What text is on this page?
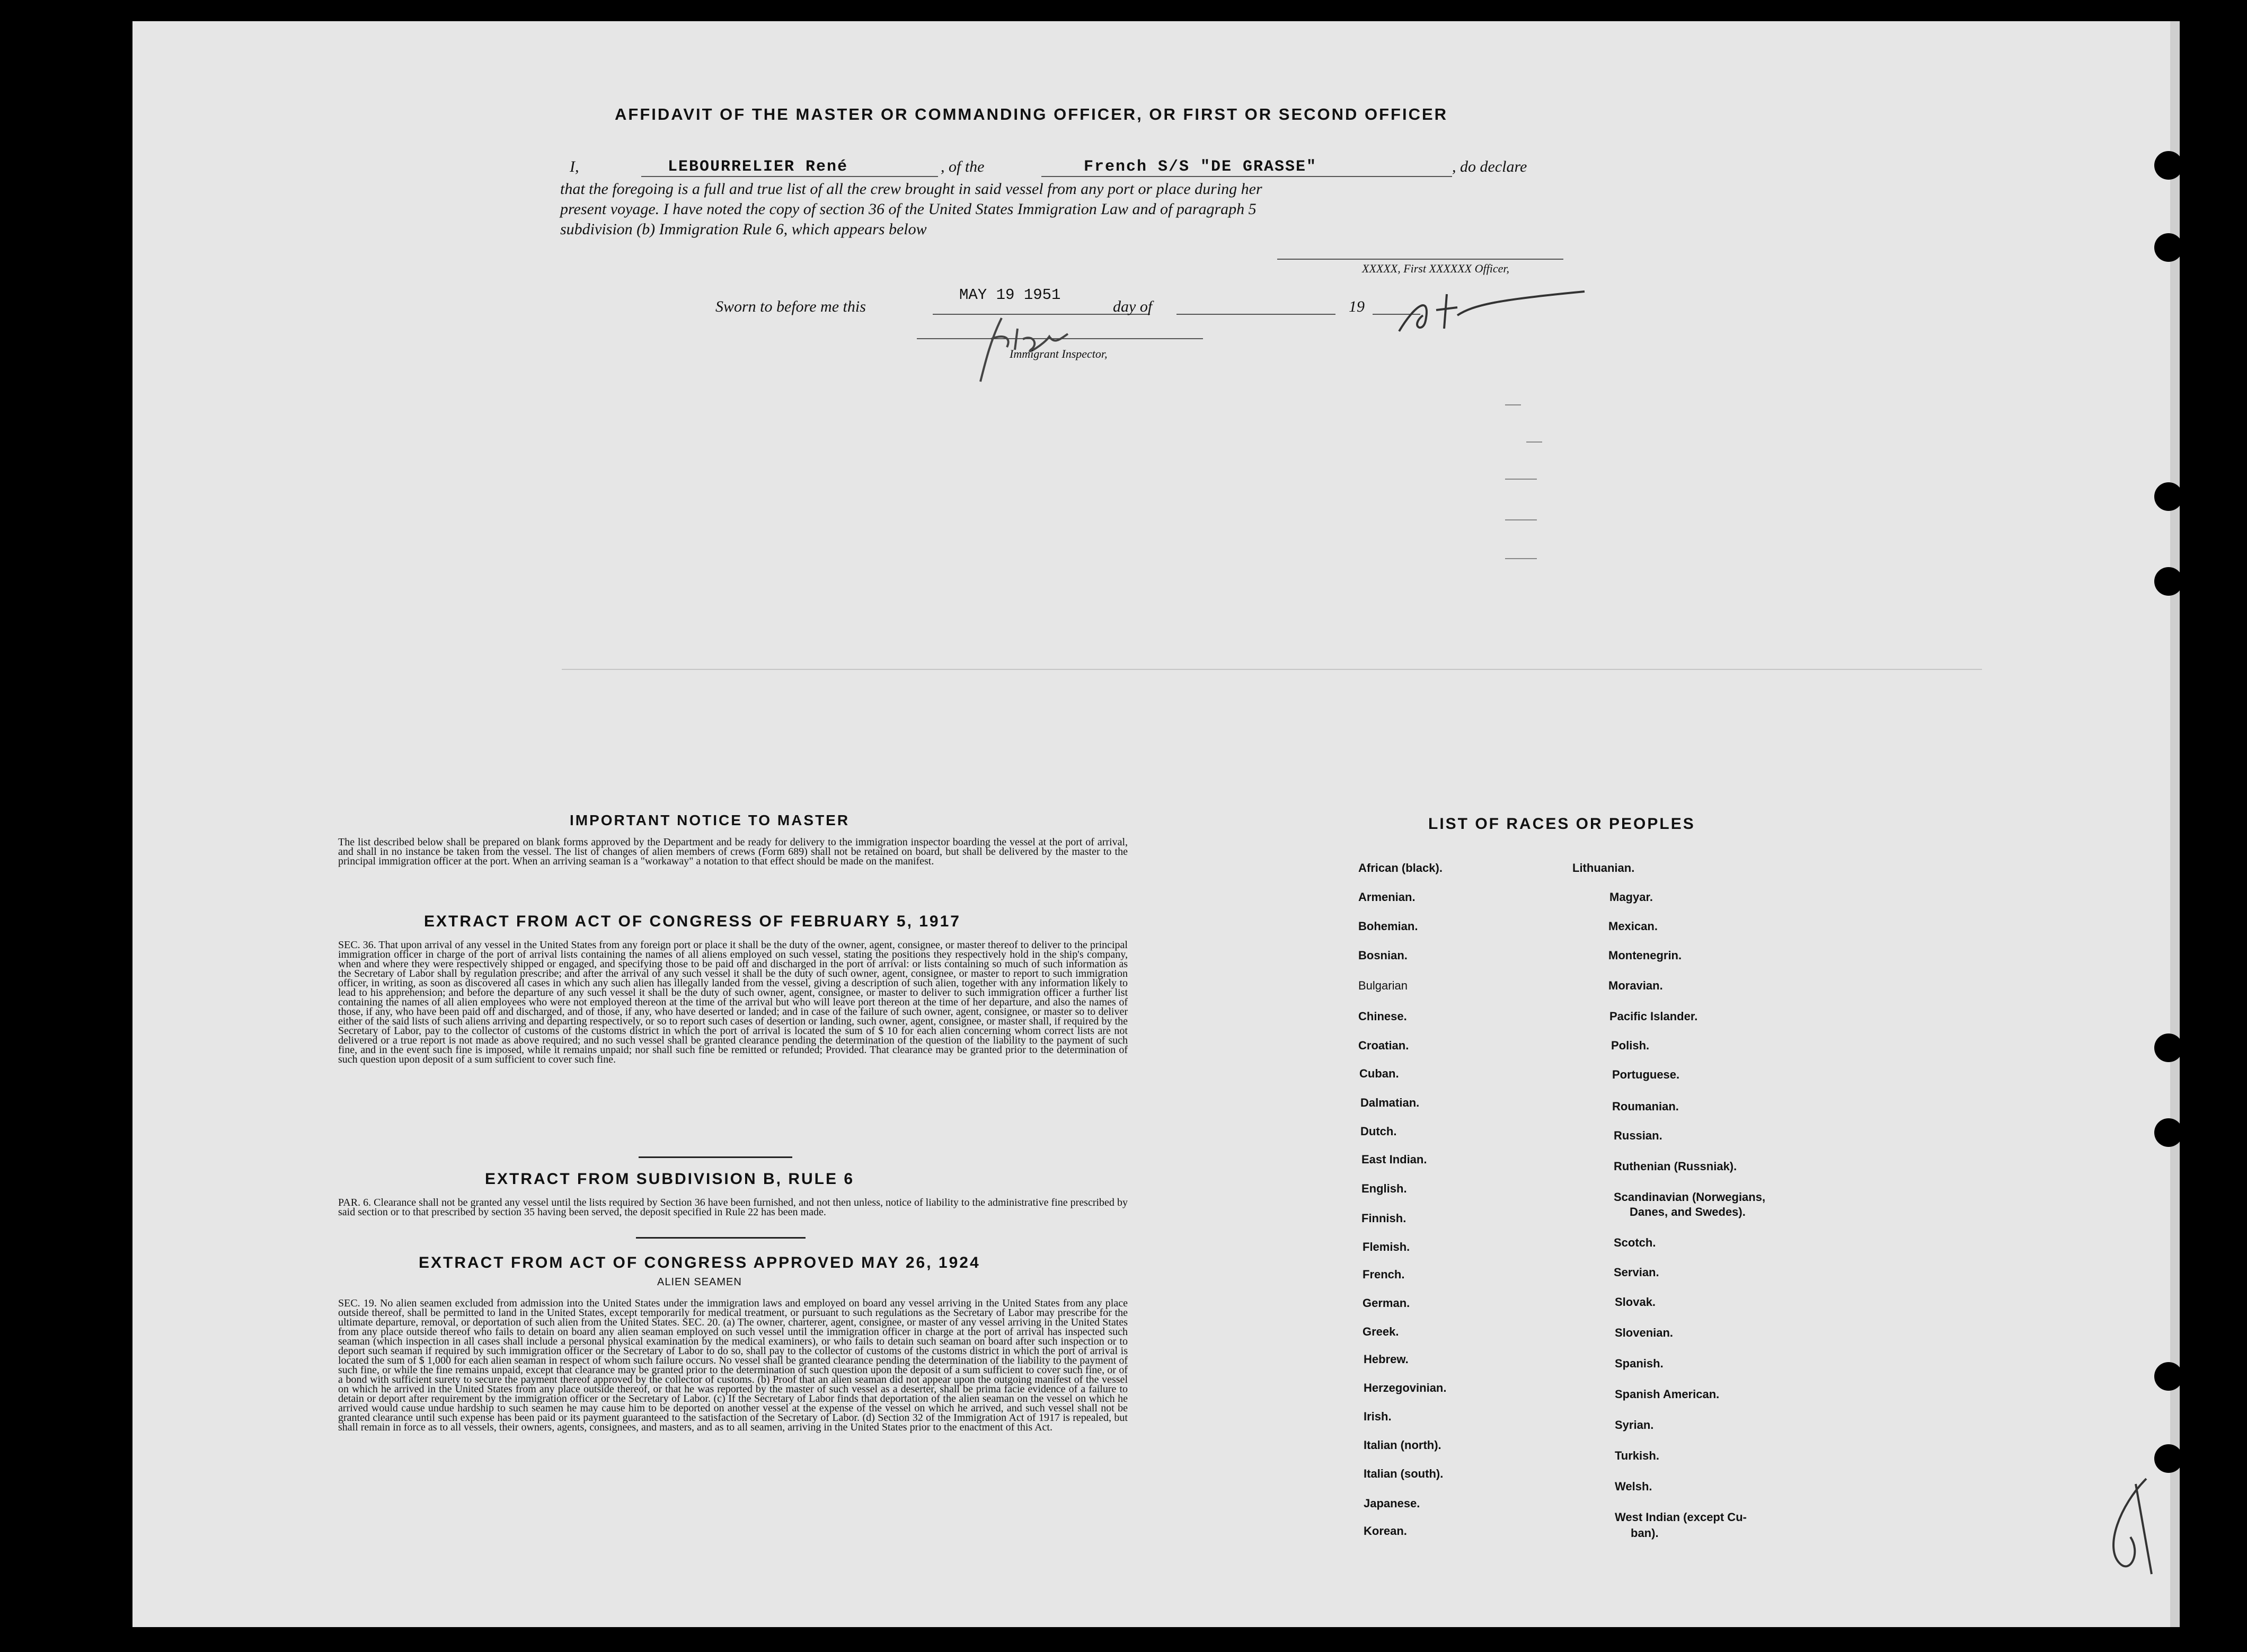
AFFIDAVIT OF THE MASTER OR COMMANDING OFFICER, OR FIRST OR SECOND OFFICER
I,	LEBOURRELIER René	, of the	French S/S "DE GRASSE"	, do declare
that the foregoing is a full and true list of all the crew brought in said vessel from any port or place during her
present voyage. I have noted the copy of section 36 of the United States Immigration Law and of paragraph 5
subdivision (b) Immigration Rule 6, which appears below
XXXXX, First XXXXXX Officer,
Sworn to before me this
MAY 19 1951
day of	19
Immigrant Inspector,
IMPORTANT NOTICE TO MASTER
The list described below shall be prepared on blank forms approved by the Department and be ready for delivery to the immigration inspector boarding the vessel at the port of arrival, and shall in no instance be taken from the vessel. The list of changes of alien members of crews (Form 689) shall not be retained on board, but shall be delivered by the master to the principal immigration officer at the port. When an arriving seaman is a "workaway" a notation to that effect should be made on the manifest.
EXTRACT FROM ACT OF CONGRESS OF FEBRUARY 5, 1917
SEC. 36. That upon arrival of any vessel in the United States from any foreign port or place it shall be the duty of the owner, agent, consignee, or master thereof to deliver to the principal immigration officer in charge of the port of arrival lists containing the names of all aliens employed on such vessel, stating the positions they respectively hold in the ship's company, when and where they were respectively shipped or engaged, and specifying those to be paid off and discharged in the port of arrival: or lists containing so much of such information as the Secretary of Labor shall by regulation prescribe; and after the arrival of any such vessel it shall be the duty of such owner, agent, consignee, or master to report to such immigration officer, in writing, as soon as discovered all cases in which any such alien has illegally landed from the vessel, giving a description of such alien, together with any information likely to lead to his apprehension; and before the departure of any such vessel it shall be the duty of such owner, agent, consignee, or master to deliver to such immigration officer a further list containing the names of all alien employees who were not employed thereon at the time of the arrival but who will leave port thereon at the time of her departure, and also the names of those, if any, who have been paid off and discharged, and of those, if any, who have deserted or landed; and in case of the failure of such owner, agent, consignee, or master so to deliver either of the said lists of such aliens arriving and departing respectively, or so to report such cases of desertion or landing, such owner, agent, consignee, or master shall, if required by the Secretary of Labor, pay to the collector of customs of the customs district in which the port of arrival is located the sum of $ 10 for each alien concerning whom correct lists are not delivered or a true report is not made as above required; and no such vessel shall be granted clearance pending the determination of the question of the liability to the payment of such fine, and in the event such fine is imposed, while it remains unpaid; nor shall such fine be remitted or refunded; Provided. That clearance may be granted prior to the determination of such question upon deposit of a sum sufficient to cover such fine.
EXTRACT FROM SUBDIVISION B, RULE 6
PAR. 6. Clearance shall not be granted any vessel until the lists required by Section 36 have been furnished, and not then unless, notice of liability to the administrative fine prescribed by said section or to that prescribed by section 35 having been served, the deposit specified in Rule 22 has been made.
EXTRACT FROM ACT OF CONGRESS APPROVED MAY 26, 1924
ALIEN SEAMEN
SEC. 19. No alien seamen excluded from admission into the United States under the immigration laws and employed on board any vessel arriving in the United States from any place outside thereof, shall be permitted to land in the United States, except temporarily for medical treatment, or pursuant to such regulations as the Secretary of Labor may prescribe for the ultimate departure, removal, or deportation of such alien from the United States. SEC. 20. (a) The owner, charterer, agent, consignee, or master of any vessel arriving in the United States from any place outside thereof who fails to detain on board any alien seaman employed on such vessel until the immigration officer in charge at the port of arrival has inspected such seaman (which inspection in all cases shall include a personal physical examination by the medical examiners), or who fails to detain such seaman on board after such inspection or to deport such seaman if required by such immigration officer or the Secretary of Labor to do so, shall pay to the collector of customs of the customs district in which the port of arrival is located the sum of $ 1,000 for each alien seaman in respect of whom such failure occurs. No vessel shall be granted clearance pending the determination of the liability to the payment of such fine, or while the fine remains unpaid, except that clearance may be granted prior to the determination of such question upon the deposit of a sum sufficient to cover such fine, or of a bond with sufficient surety to secure the payment thereof approved by the collector of customs. (b) Proof that an alien seaman did not appear upon the outgoing manifest of the vessel on which he arrived in the United States from any place outside thereof, or that he was reported by the master of such vessel as a deserter, shall be prima facie evidence of a failure to detain or deport after requirement by the immigration officer or the Secretary of Labor. (c) If the Secretary of Labor finds that deportation of the alien seaman on the vessel on which he arrived would cause undue hardship to such seamen he may cause him to be deported on another vessel at the expense of the vessel on which he arrived, and such vessel shall not be granted clearance until such expense has been paid or its payment guaranteed to the satisfaction of the Secretary of Labor. (d) Section 32 of the Immigration Act of 1917 is repealed, but shall remain in force as to all vessels, their owners, agents, consignees, and masters, and as to all seamen, arriving in the United States prior to the enactment of this Act.
LIST OF RACES OR PEOPLES
African (black).
Armenian.
Bohemian.
Bosnian.
Bulgarian
Chinese.
Croatian.
Cuban.
Dalmatian.
Dutch.
East Indian.
English.
Finnish.
Flemish.
French.
German.
Greek.
Hebrew.
Herzegovinian.
Irish.
Italian (north).
Italian (south).
Japanese.
Korean.
Lithuanian.
Magyar.
Mexican.
Montenegrin.
Moravian.
Pacific Islander.
Polish.
Portuguese.
Roumanian.
Russian.
Ruthenian (Russniak).
Scandinavian (Norwegians,
Danes, and Swedes).
Scotch.
Servian.
Slovak.
Slovenian.
Spanish.
Spanish American.
Syrian.
Turkish.
Welsh.
West Indian (except Cu-
ban).
